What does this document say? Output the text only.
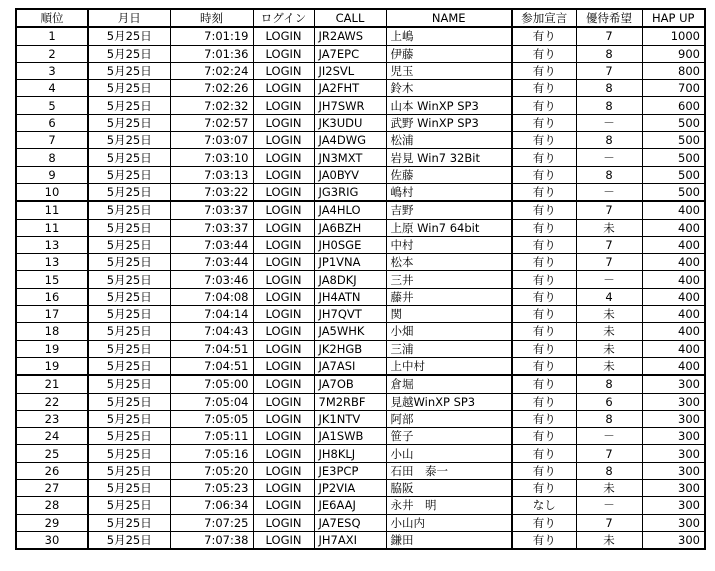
順位	月日	時刻	ログイン	CALL	NAME	参加宣言	優待希望	HAP UP
1	5月25日	7:01:19	LOGIN	JR2AWS	上嶋	有り	7	1000
2	5月25日	7:01:36	LOGIN	JA7EPC	伊藤	有り	8	900
3	5月25日	7:02:24	LOGIN	JI2SVL	児玉	有り	7	800
4	5月25日	7:02:26	LOGIN	JA2FHT	鈴木	有り	8	700
5	5月25日	7:02:32	LOGIN	JH7SWR	山本 WinXP SP3	有り	8	600
6	5月25日	7:02:57	LOGIN	JK3UDU	武野 WinXP SP3	有り	－	500
7	5月25日	7:03:07	LOGIN	JA4DWG	松浦	有り	8	500
8	5月25日	7:03:10	LOGIN	JN3MXT	岩見 Win7 32Bit	有り	－	500
9	5月25日	7:03:13	LOGIN	JA0BYV	佐藤	有り	8	500
10	5月25日	7:03:22	LOGIN	JG3RIG	嶋村	有り	－	500
11	5月25日	7:03:37	LOGIN	JA4HLO	吉野	有り	7	400
11	5月25日	7:03:37	LOGIN	JA6BZH	上原 Win7 64bit	有り	未	400
13	5月25日	7:03:44	LOGIN	JH0SGE	中村	有り	7	400
13	5月25日	7:03:44	LOGIN	JP1VNA	松本	有り	7	400
15	5月25日	7:03:46	LOGIN	JA8DKJ	三井	有り	－	400
16	5月25日	7:04:08	LOGIN	JH4ATN	藤井	有り	4	400
17	5月25日	7:04:14	LOGIN	JH7QVT	関	有り	未	400
18	5月25日	7:04:43	LOGIN	JA5WHK	小畑	有り	未	400
19	5月25日	7:04:51	LOGIN	JK2HGB	三浦	有り	未	400
19	5月25日	7:04:51	LOGIN	JA7ASI	上中村	有り	未	400
21	5月25日	7:05:00	LOGIN	JA7OB	倉堀	有り	8	300
22	5月25日	7:05:04	LOGIN	7M2RBF	見越WinXP SP3	有り	6	300
23	5月25日	7:05:05	LOGIN	JK1NTV	阿部	有り	8	300
24	5月25日	7:05:11	LOGIN	JA1SWB	笹子	有り	－	300
25	5月25日	7:05:16	LOGIN	JH8KLJ	小山	有り	7	300
26	5月25日	7:05:20	LOGIN	JE3PCP	石田　泰一	有り	8	300
27	5月25日	7:05:23	LOGIN	JP2VIA	脇阪	有り	未	300
28	5月25日	7:06:34	LOGIN	JE6AAJ	永井　明	なし	－	300
29	5月25日	7:07:25	LOGIN	JA7ESQ	小山内	有り	7	300
30	5月25日	7:07:38	LOGIN	JH7AXI	鎌田	有り	未	300
